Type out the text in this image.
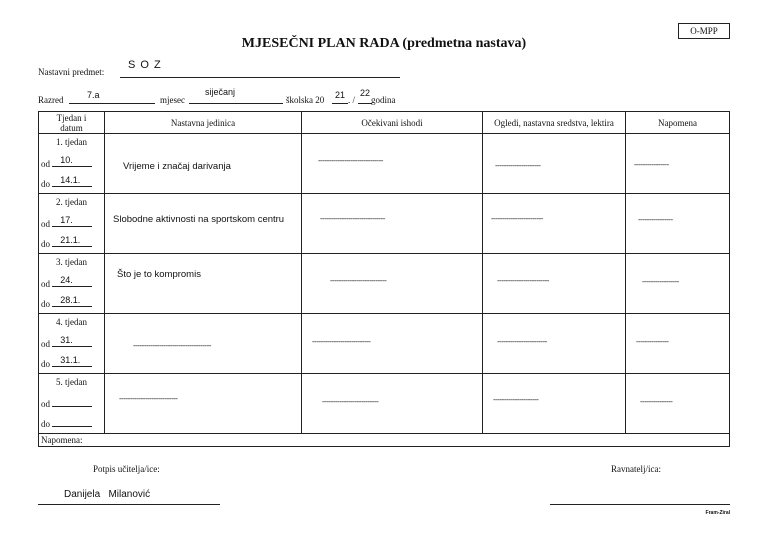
O-MPP
MJESEČNI PLAN RADA (predmetna nastava)
Nastavni predmet:
S O Z
Razred	7.a	mjesec
siječanj
školska 20 21 . /
22
godina
Tjedan i datum	Nastavna jedinica	Očekivani ishodi	Ogledi, nastavna sredstva, lektira	Napomena

1. tjedan
od 10.
do 14.1.	Vrijeme i značaj darivanja	------------------------------	---------------------	----------------

2. tjedan
od 17.
do 21.1.	Slobodne aktivnosti na sportskom centru	------------------------------	------------------------	----------------

3. tjedan
od 24.
do 28.1.	Što je to kompromis	--------------------------	------------------------	-----------------

4. tjedan
od 31.
do 31.1.	------------------------------------	---------------------------	-----------------------	---------------

5. tjedan
od
do	---------------------------	--------------------------	---------------------	---------------

Napomena:				
Potpis učitelja/ice:
Danijela   Milanović
Ravnatelj/ica:
Fram-Ziral
